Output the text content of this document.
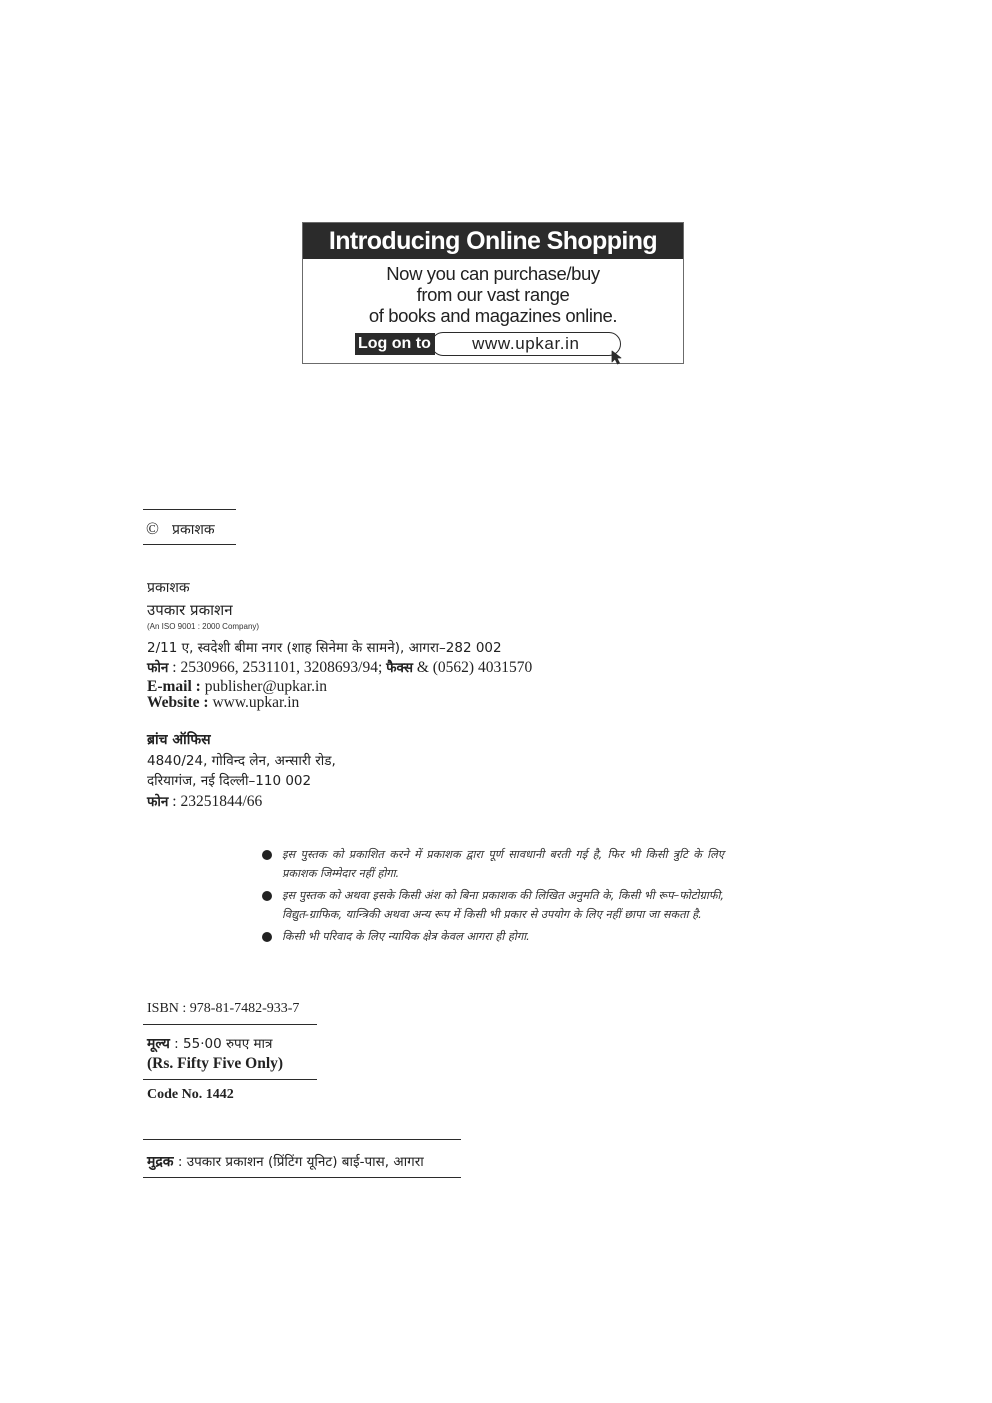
Introducing Online Shopping
Now you can purchase/buy
from our vast range
of books and magazines online.
Log on to	www.upkar.in
© प्रकाशक
प्रकाशक
उपकार प्रकाशन
(An ISO 9001 : 2000 Company)
2/11 ए, स्वदेशी बीमा नगर (शाह सिनेमा के सामने), आगरा–282 002
फोन : 2530966, 2531101, 3208693/94; फैक्स & (0562) 4031570
E-mail : publisher@upkar.in
Website : www.upkar.in
ब्रांच ऑफिस
4840/24, गोविन्द लेन, अन्सारी रोड,
दरियागंज, नई दिल्ली–110 002
फोन : 23251844/66
इस पुस्तक को प्रकाशित करने में प्रकाशक द्वारा पूर्ण सावधानी बरती गई है, फिर भी किसी त्रुटि के लिए प्रकाशक जिम्मेदार नहीं होगा.
इस पुस्तक को अथवा इसके किसी अंश को बिना प्रकाशक की लिखित अनुमति के, किसी भी रूप–फोटोग्राफी, विद्युत-ग्राफिक, यान्त्रिकी अथवा अन्य रूप में किसी भी प्रकार से उपयोग के लिए नहीं छापा जा सकता है.
किसी भी परिवाद के लिए न्यायिक क्षेत्र केवल आगरा ही होगा.
ISBN : 978-81-7482-933-7
मूल्य : 55·00 रुपए मात्र
(Rs. Fifty Five Only)
Code No. 1442
मुद्रक : उपकार प्रकाशन (प्रिंटिंग यूनिट) बाई-पास, आगरा
